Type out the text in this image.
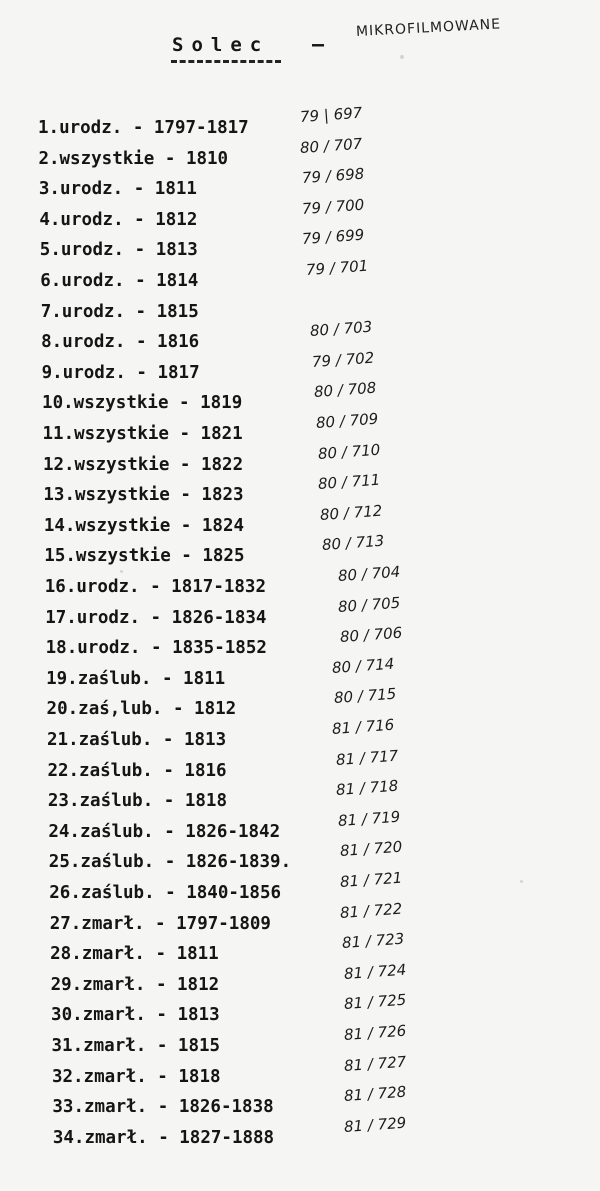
Solec —
MIKROFILMOWANE
1.urodz. - 1797-1817
79 | 697
2.wszystkie - 1810
80 / 707
3.urodz. - 1811
79 / 698
4.urodz. - 1812
79 / 700
5.urodz. - 1813
79 / 699
6.urodz. - 1814
79 / 701
7.urodz. - 1815
8.urodz. - 1816
80 / 703
9.urodz. - 1817
79 / 702
10.wszystkie - 1819
80 / 708
11.wszystkie - 1821
80 / 709
12.wszystkie - 1822
80 / 710
13.wszystkie - 1823
80 / 711
14.wszystkie - 1824
80 / 712
15.wszystkie - 1825
80 / 713
16.urodz. - 1817-1832
80 / 704
17.urodz. - 1826-1834
80 / 705
18.urodz. - 1835-1852
80 / 706
19.zaślub. - 1811
80 / 714
20.zaś,lub. - 1812
80 / 715
21.zaślub. - 1813
81 / 716
22.zaślub. - 1816
81 / 717
23.zaślub. - 1818
81 / 718
24.zaślub. - 1826-1842
81 / 719
25.zaślub. - 1826-1839.
81 / 720
26.zaślub. - 1840-1856
81 / 721
27.zmarł. - 1797-1809
81 / 722
28.zmarł. - 1811
81 / 723
29.zmarł. - 1812
81 / 724
30.zmarł. - 1813
81 / 725
31.zmarł. - 1815
81 / 726
32.zmarł. - 1818
81 / 727
33.zmarł. - 1826-1838
81 / 728
34.zmarł. - 1827-1888
81 / 729
